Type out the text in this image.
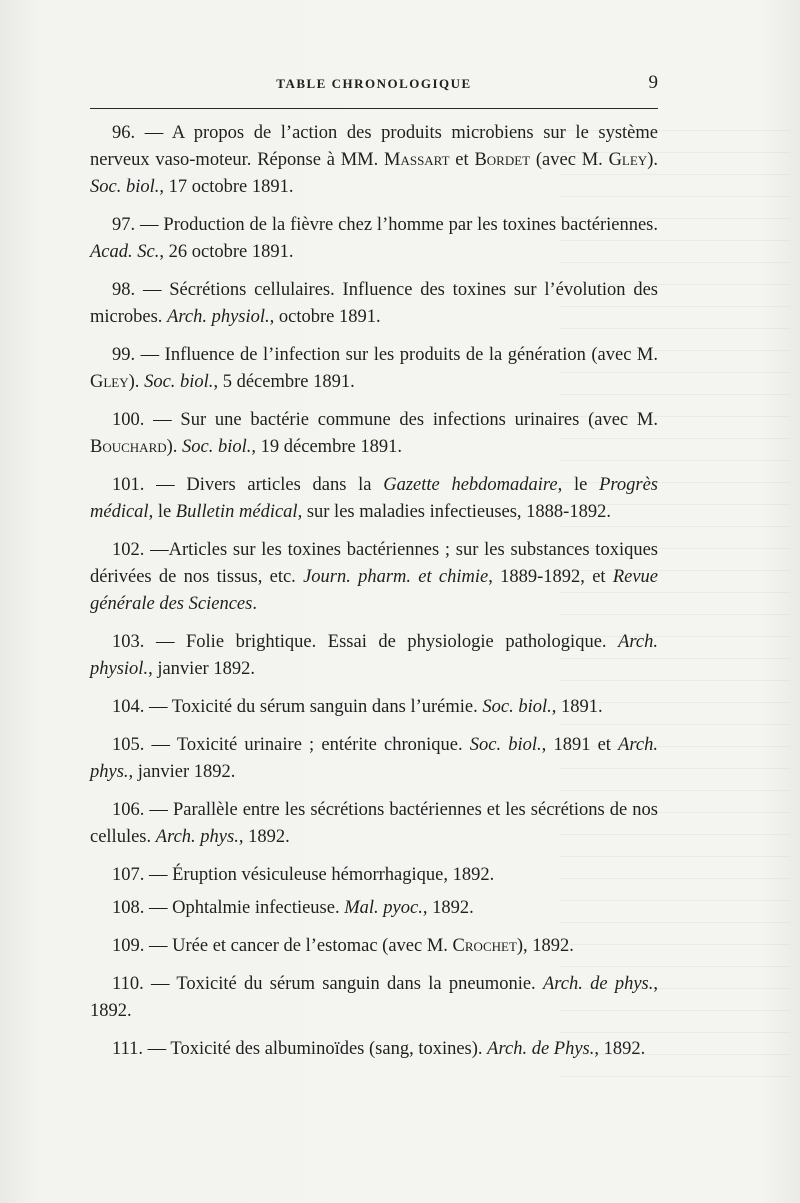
TABLE CHRONOLOGIQUE	9

96. — A propos de l’action des produits microbiens sur le système nerveux vaso-moteur. Réponse à MM. Massart et Bordet (avec M. Gley). Soc. biol., 17 octobre 1891.

97. — Production de la fièvre chez l’homme par les toxines bactériennes. Acad. Sc., 26 octobre 1891.

98. — Sécrétions cellulaires. Influence des toxines sur l’évolution des microbes. Arch. physiol., octobre 1891.

99. — Influence de l’infection sur les produits de la génération (avec M. Gley). Soc. biol., 5 décembre 1891.

100. — Sur une bactérie commune des infections urinaires (avec M. Bouchard). Soc. biol., 19 décembre 1891.

101. — Divers articles dans la Gazette hebdomadaire, le Progrès médical, le Bulletin médical, sur les maladies infectieuses, 1888-1892.

102. —Articles sur les toxines bactériennes ; sur les substances toxiques dérivées de nos tissus, etc. Journ. pharm. et chimie, 1889-1892, et Revue générale des Sciences.

103. — Folie brightique. Essai de physiologie pathologique. Arch. physiol., janvier 1892.

104. — Toxicité du sérum sanguin dans l’urémie. Soc. biol., 1891.

105. — Toxicité urinaire ; entérite chronique. Soc. biol., 1891 et Arch. phys., janvier 1892.

106. — Parallèle entre les sécrétions bactériennes et les sécrétions de nos cellules. Arch. phys., 1892.

107. — Éruption vésiculeuse hémorrhagique, 1892.

108. — Ophtalmie infectieuse. Mal. pyoc., 1892.

109. — Urée et cancer de l’estomac (avec M. Crochet), 1892.

110. — Toxicité du sérum sanguin dans la pneumonie. Arch. de phys., 1892.

111. — Toxicité des albuminoïdes (sang, toxines). Arch. de Phys., 1892.
